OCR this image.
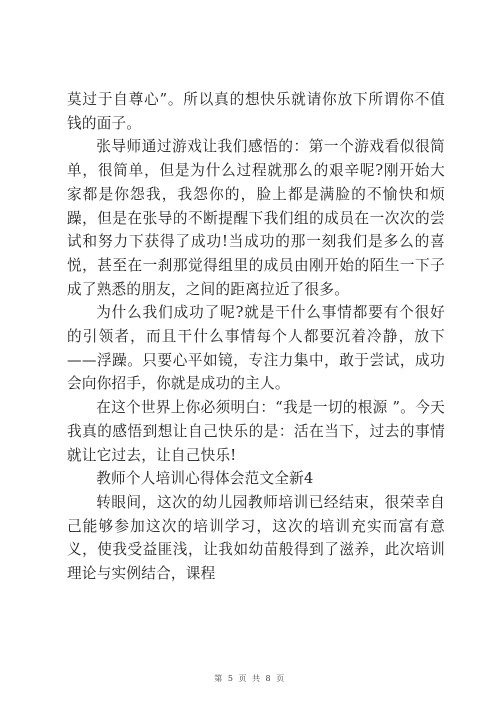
莫过于自尊心”。所以真的想快乐就请你放下所谓你不值钱的面子。

张导师通过游戏让我们感悟的：第一个游戏看似很简单，很简单，但是为什么过程就那么的艰辛呢?刚开始大家都是你怨我，我怨你的，脸上都是满脸的不愉快和烦躁，但是在张导的不断提醒下我们组的成员在一次次的尝试和努力下获得了成功!当成功的那一刻我们是多么的喜悦，甚至在一刹那觉得组里的成员由刚开始的陌生一下子成了熟悉的朋友，之间的距离拉近了很多。

为什么我们成功了呢?就是干什么事情都要有个很好的引领者，而且干什么事情每个人都要沉着冷静，放下——浮躁。只要心平如镜，专注力集中，敢于尝试，成功会向你招手，你就是成功的主人。

在这个世界上你必须明白：“我是一切的根源 ”。今天我真的感悟到想让自己快乐的是：活在当下，过去的事情就让它过去，让自己快乐!

教师个人培训心得体会范文全新4

转眼间，这次的幼儿园教师培训已经结束，很荣幸自己能够参加这次的培训学习，这次的培训充实而富有意义，使我受益匪浅，让我如幼苗般得到了滋养，此次培训理论与实例结合，课程

第 5 页 共 8 页
